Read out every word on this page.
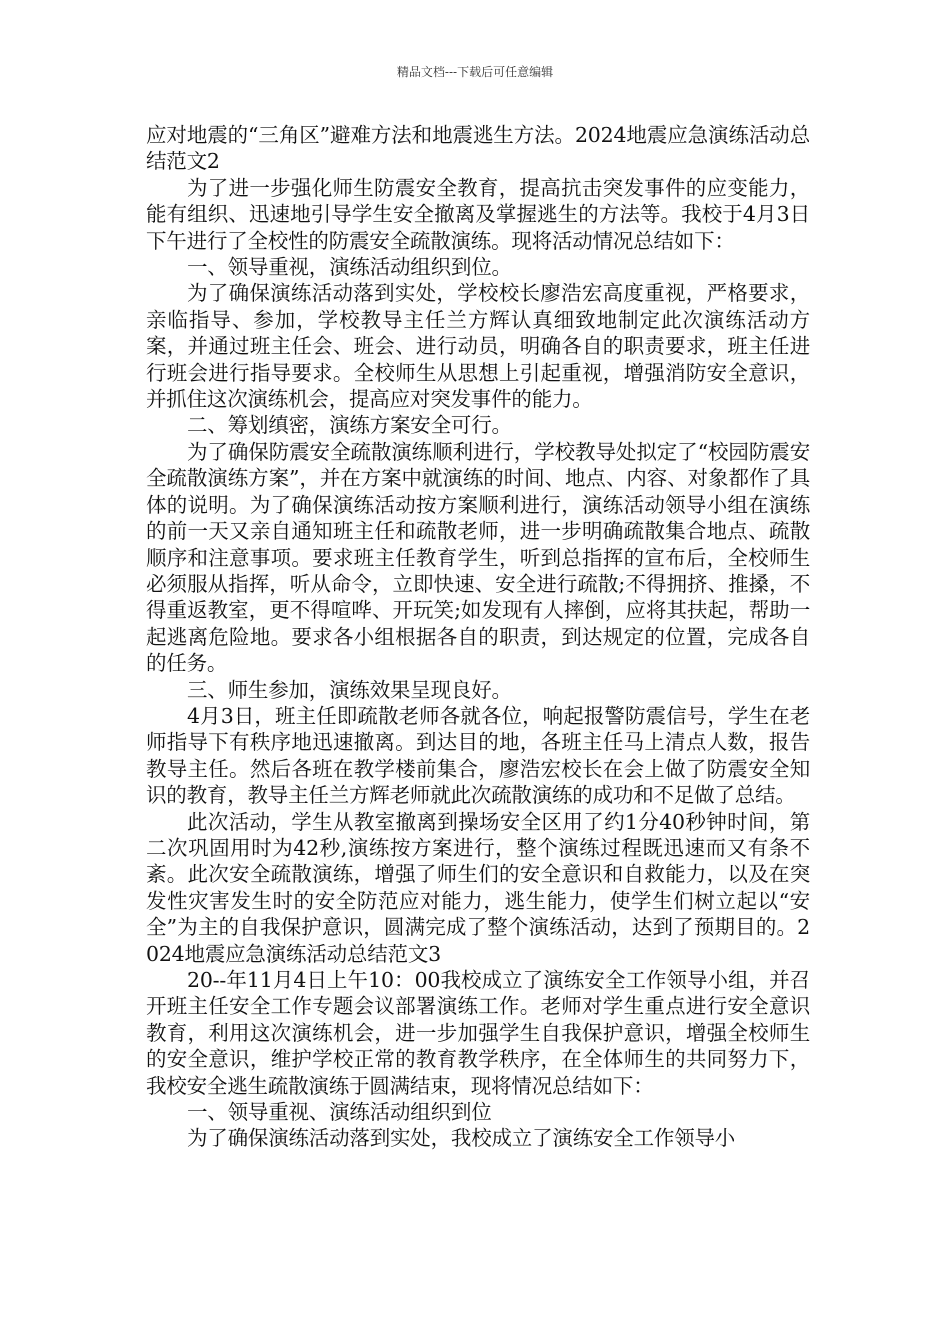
精品文档---下载后可任意编辑

应对地震的“三角区”避难方法和地震逃生方法。2024地震应急演练活动总结范文2

为了进一步强化师生防震安全教育，提高抗击突发事件的应变能力，能有组织、迅速地引导学生安全撤离及掌握逃生的方法等。我校于4月3日下午进行了全校性的防震安全疏散演练。现将活动情况总结如下：

一、领导重视，演练活动组织到位。

为了确保演练活动落到实处，学校校长廖浩宏高度重视，严格要求，亲临指导、参加，学校教导主任兰方辉认真细致地制定此次演练活动方案，并通过班主任会、班会、进行动员，明确各自的职责要求，班主任进行班会进行指导要求。全校师生从思想上引起重视，增强消防安全意识，并抓住这次演练机会，提高应对突发事件的能力。

二、筹划缜密，演练方案安全可行。

为了确保防震安全疏散演练顺利进行，学校教导处拟定了“校园防震安全疏散演练方案”，并在方案中就演练的时间、地点、内容、对象都作了具体的说明。为了确保演练活动按方案顺利进行，演练活动领导小组在演练的前一天又亲自通知班主任和疏散老师，进一步明确疏散集合地点、疏散顺序和注意事项。要求班主任教育学生，听到总指挥的宣布后，全校师生必须服从指挥，听从命令，立即快速、安全进行疏散;不得拥挤、推搡，不得重返教室，更不得喧哗、开玩笑;如发现有人摔倒，应将其扶起，帮助一起逃离危险地。要求各小组根据各自的职责，到达规定的位置，完成各自的任务。

三、师生参加，演练效果呈现良好。

4月3日，班主任即疏散老师各就各位，响起报警防震信号，学生在老师指导下有秩序地迅速撤离。到达目的地，各班主任马上清点人数，报告教导主任。然后各班在教学楼前集合，廖浩宏校长在会上做了防震安全知识的教育，教导主任兰方辉老师就此次疏散演练的成功和不足做了总结。

此次活动，学生从教室撤离到操场安全区用了约1分40秒钟时间，第二次巩固用时为42秒,演练按方案进行，整个演练过程既迅速而又有条不紊。此次安全疏散演练，增强了师生们的安全意识和自救能力，以及在突发性灾害发生时的安全防范应对能力，逃生能力，使学生们树立起以“安全”为主的自我保护意识，圆满完成了整个演练活动，达到了预期目的。2024地震应急演练活动总结范文3

20--年11月4日上午10：00我校成立了演练安全工作领导小组，并召开班主任安全工作专题会议部署演练工作。老师对学生重点进行安全意识教育，利用这次演练机会，进一步加强学生自我保护意识，增强全校师生的安全意识，维护学校正常的教育教学秩序，在全体师生的共同努力下，我校安全逃生疏散演练于圆满结束，现将情况总结如下：

一、领导重视、演练活动组织到位

为了确保演练活动落到实处，我校成立了演练安全工作领导小
